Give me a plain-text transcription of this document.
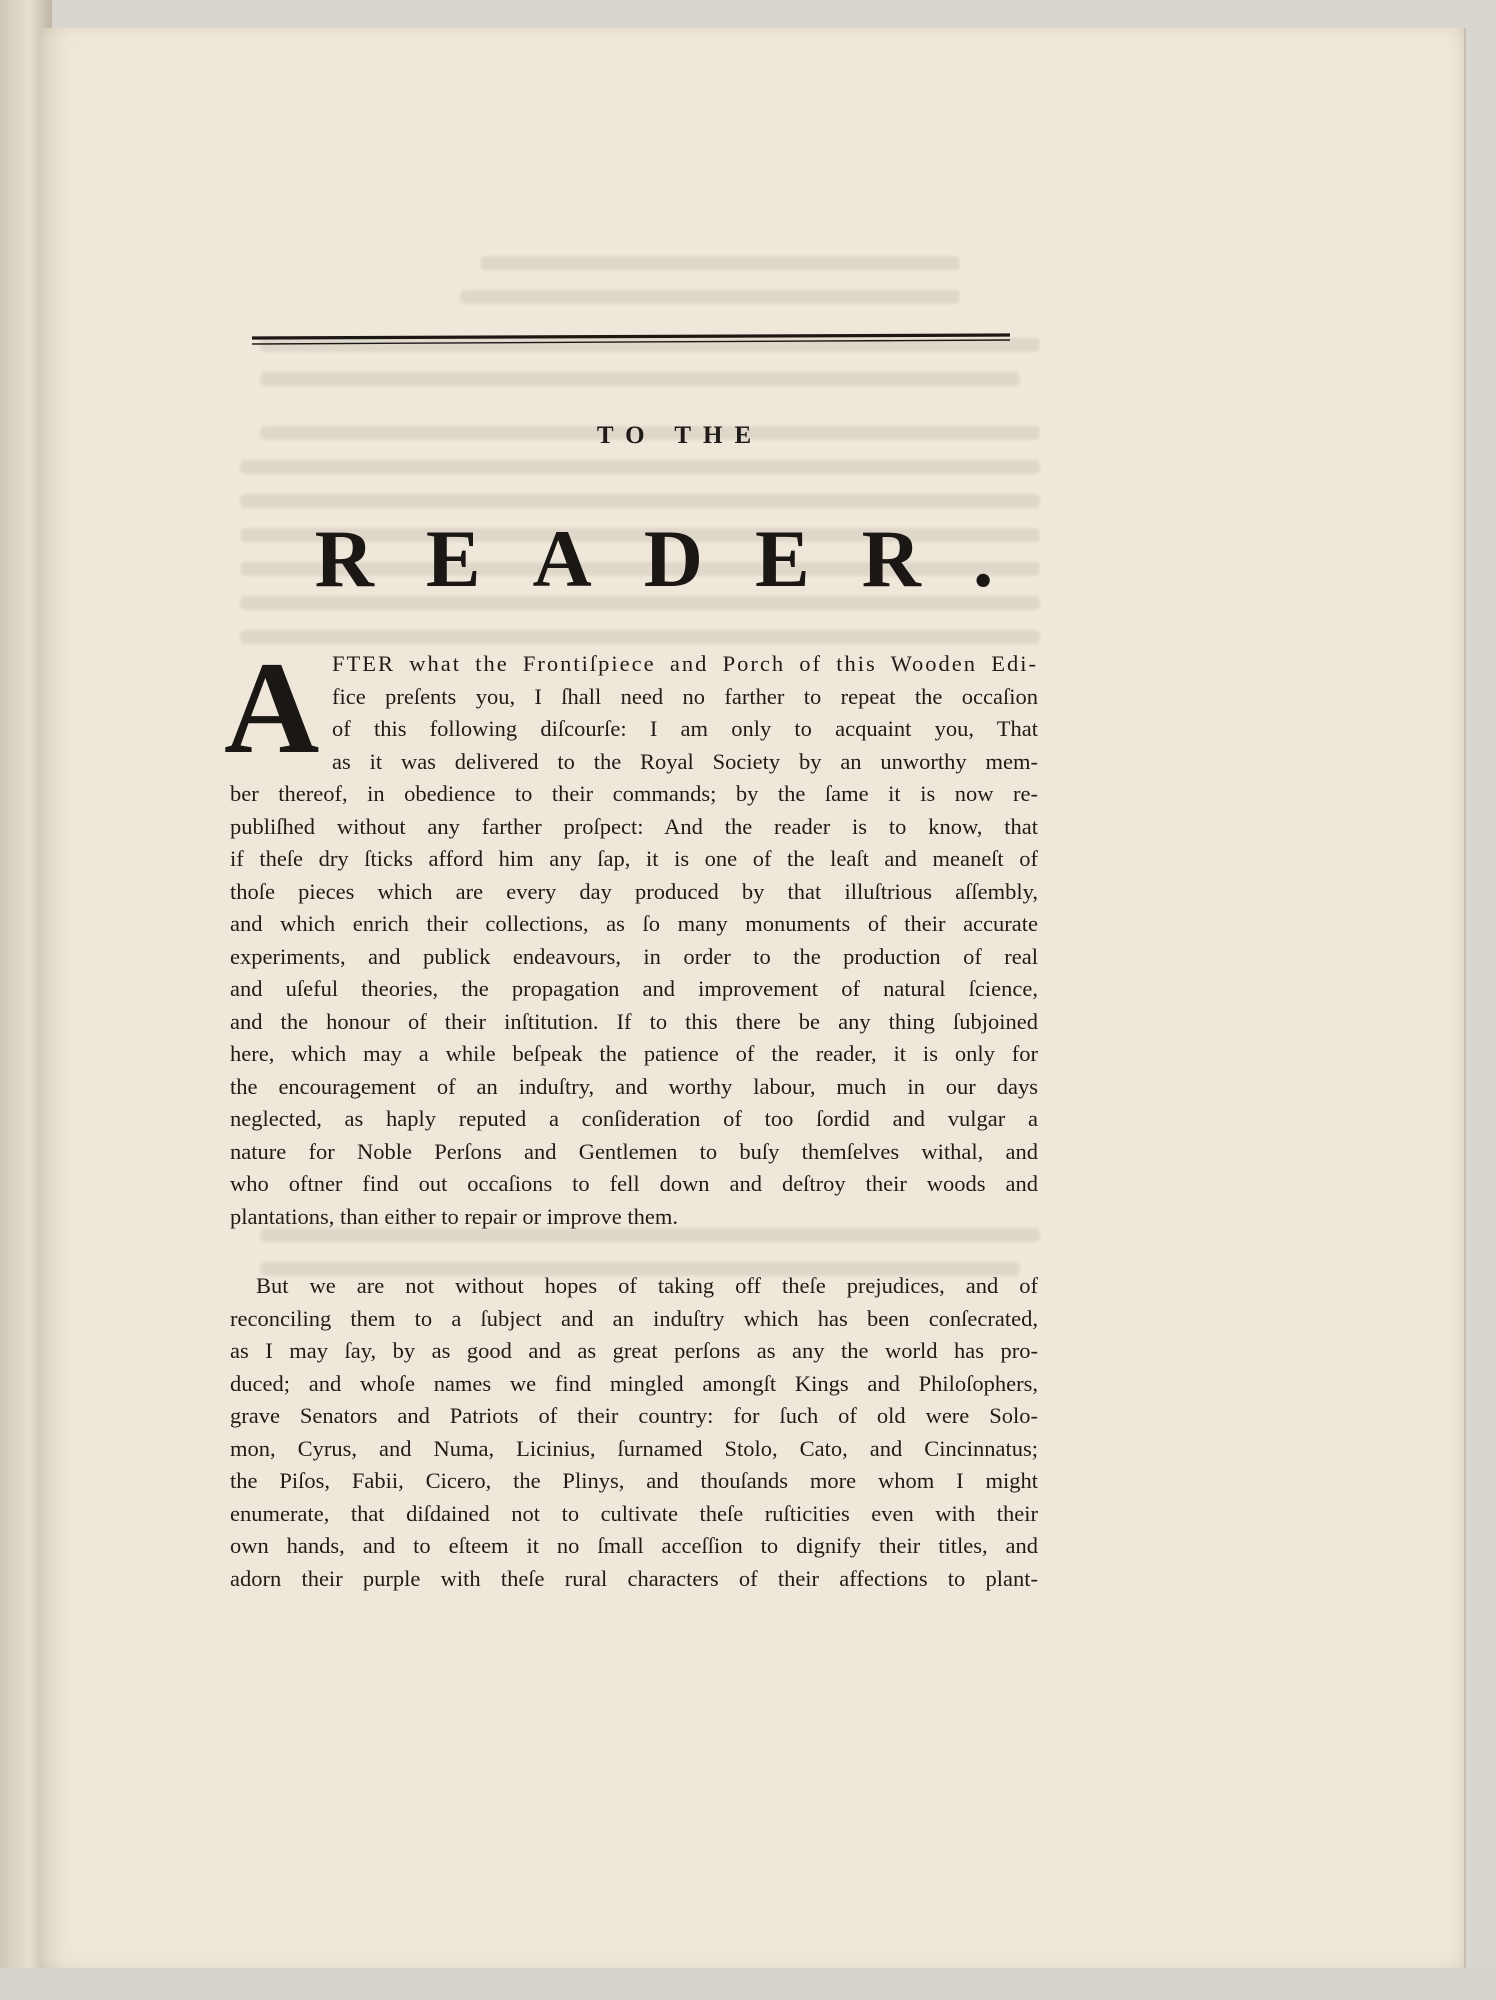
TO THE
READER.
A FTER what the Frontiſpiece and Porch of this Wooden Edi-
fice preſents you, I ſhall need no farther to repeat the occaſion
of this following diſcourſe: I am only to acquaint you, That
as it was delivered to the Royal Society by an unworthy mem-
ber thereof, in obedience to their commands; by the ſame it is now re-
publiſhed without any farther proſpect: And the reader is to know, that
if theſe dry ſticks afford him any ſap, it is one of the leaſt and meaneſt of
thoſe pieces which are every day produced by that illuſtrious aſſembly,
and which enrich their collections, as ſo many monuments of their accurate
experiments, and publick endeavours, in order to the production of real
and uſeful theories, the propagation and improvement of natural ſcience,
and the honour of their inſtitution. If to this there be any thing ſubjoined
here, which may a while beſpeak the patience of the reader, it is only for
the encouragement of an induſtry, and worthy labour, much in our days
neglected, as haply reputed a conſideration of too ſordid and vulgar a
nature for Noble Perſons and Gentlemen to buſy themſelves withal, and
who oftner find out occaſions to fell down and deſtroy their woods and
plantations, than either to repair or improve them.
But we are not without hopes of taking off theſe prejudices, and of
reconciling them to a ſubject and an induſtry which has been conſecrated,
as I may ſay, by as good and as great perſons as any the world has pro-
duced; and whoſe names we find mingled amongſt Kings and Philoſophers,
grave Senators and Patriots of their country: for ſuch of old were Solo-
mon, Cyrus, and Numa, Licinius, ſurnamed Stolo, Cato, and Cincinnatus;
the Piſos, Fabii, Cicero, the Plinys, and thouſands more whom I might
enumerate, that diſdained not to cultivate theſe ruſticities even with their
own hands, and to eſteem it no ſmall acceſſion to dignify their titles, and
adorn their purple with theſe rural characters of their affections to plant-
